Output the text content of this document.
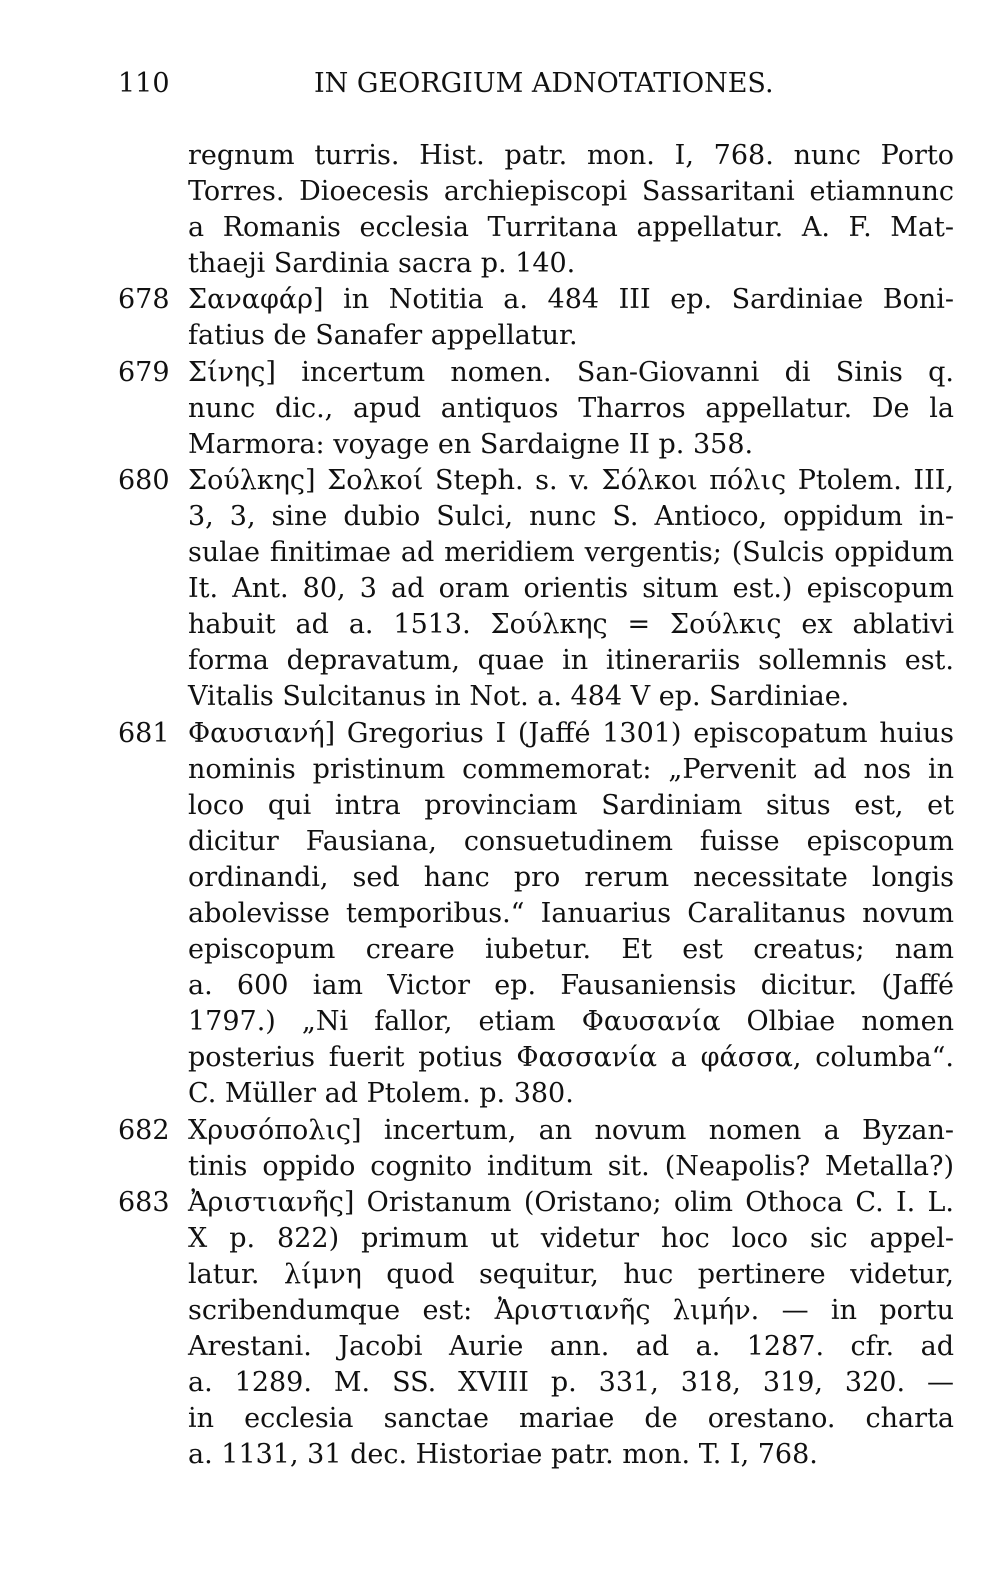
110	IN GEORGIUM ADNOTATIONES.
regnum turris. Hist. patr. mon. I, 768. nunc Porto
Torres. Dioecesis archiepiscopi Sassaritani etiamnunc
a Romanis ecclesia Turritana appellatur. A. F. Mat-
thaeji Sardinia sacra p. 140.
678 Σαναφάρ] in Notitia a. 484 III ep. Sardiniae Boni-
fatius de Sanafer appellatur.
679 Σίνης] incertum nomen. San-Giovanni di Sinis q.
nunc dic., apud antiquos Tharros appellatur. De la
Marmora: voyage en Sardaigne II p. 358.
680 Σούλκης] Σολκοί Steph. s. v. Σόλκοι πόλις Ptolem. III,
3, 3, sine dubio Sulci, nunc S. Antioco, oppidum in-
sulae finitimae ad meridiem vergentis; (Sulcis oppidum
It. Ant. 80, 3 ad oram orientis situm est.) episcopum
habuit ad a. 1513. Σούλκης = Σούλκις ex ablativi
forma depravatum, quae in itinerariis sollemnis est.
Vitalis Sulcitanus in Not. a. 484 V ep. Sardiniae.
681 Φαυσιανή] Gregorius I (Jaffé 1301) episcopatum huius
nominis pristinum commemorat: „Pervenit ad nos in
loco qui intra provinciam Sardiniam situs est, et
dicitur Fausiana, consuetudinem fuisse episcopum
ordinandi, sed hanc pro rerum necessitate longis
abolevisse temporibus.“ Ianuarius Caralitanus novum
episcopum creare iubetur. Et est creatus; nam
a. 600 iam Victor ep. Fausaniensis dicitur. (Jaffé
1797.) „Ni fallor, etiam Φαυσανία Olbiae nomen
posterius fuerit potius Φασσανία a φάσσα, columba“.
C. Müller ad Ptolem. p. 380.
682 Χρυσόπολις] incertum, an novum nomen a Byzan-
tinis oppido cognito inditum sit. (Neapolis? Metalla?)
683 Ἀριστιανῆς] Oristanum (Oristano; olim Othoca C. I. L.
X p. 822) primum ut videtur hoc loco sic appel-
latur. λίμνη quod sequitur, huc pertinere videtur,
scribendumque est: Ἀριστιανῆς λιμήν. — in portu
Arestani. Jacobi Aurie ann. ad a. 1287. cfr. ad
a. 1289. M. SS. XVIII p. 331, 318, 319, 320. —
in ecclesia sanctae mariae de orestano. charta
a. 1131, 31 dec. Historiae patr. mon. T. I, 768.
